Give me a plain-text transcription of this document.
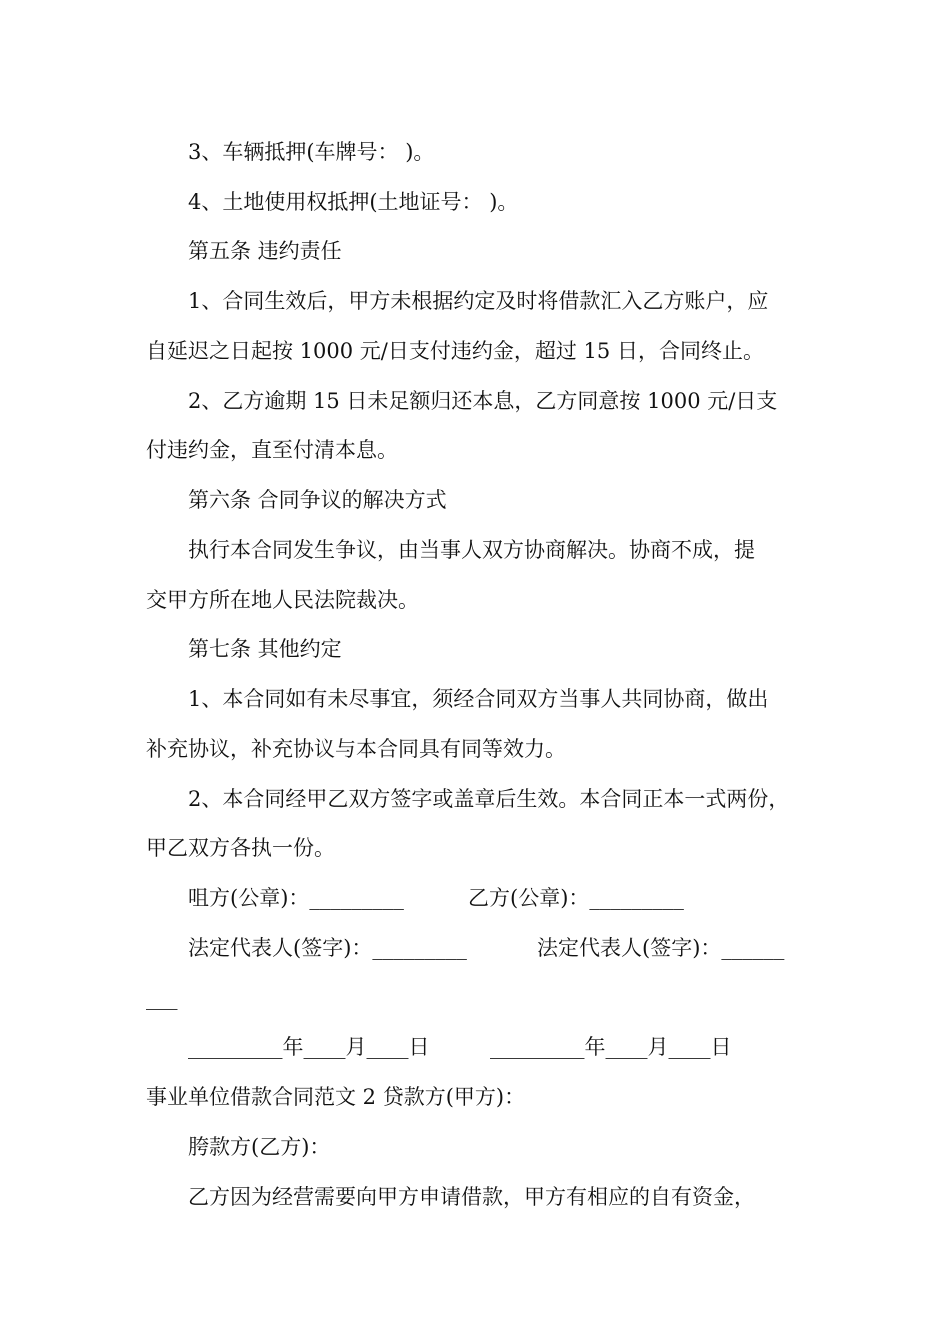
3、车辆抵押(车牌号： )。
4、土地使用权抵押(土地证号： )。
第五条 违约责任
1、合同生效后，甲方未根据约定及时将借款汇入乙方账户，应
自延迟之日起按 1000 元/日支付违约金，超过 15 日，合同终止。
2、乙方逾期 15 日未足额归还本息，乙方同意按 1000 元/日支
付违约金，直至付清本息。
第六条 合同争议的解决方式
执行本合同发生争议，由当事人双方协商解决。协商不成，提
交甲方所在地人民法院裁决。
第七条 其他约定
1、本合同如有未尽事宜，须经合同双方当事人共同协商，做出
补充协议，补充协议与本合同具有同等效力。
2、本合同经甲乙双方签字或盖章后生效。本合同正本一式两份，
甲乙双方各执一份。
咀方(公章)：_________	乙方(公章)：_________
法定代表人(签字)：_________	法定代表人(签字)：______
___
_________年____月____日	_________年____月____日
事业单位借款合同范文 2 贷款方(甲方)：
胯款方(乙方)：
乙方因为经营需要向甲方申请借款，甲方有相应的自有资金，
